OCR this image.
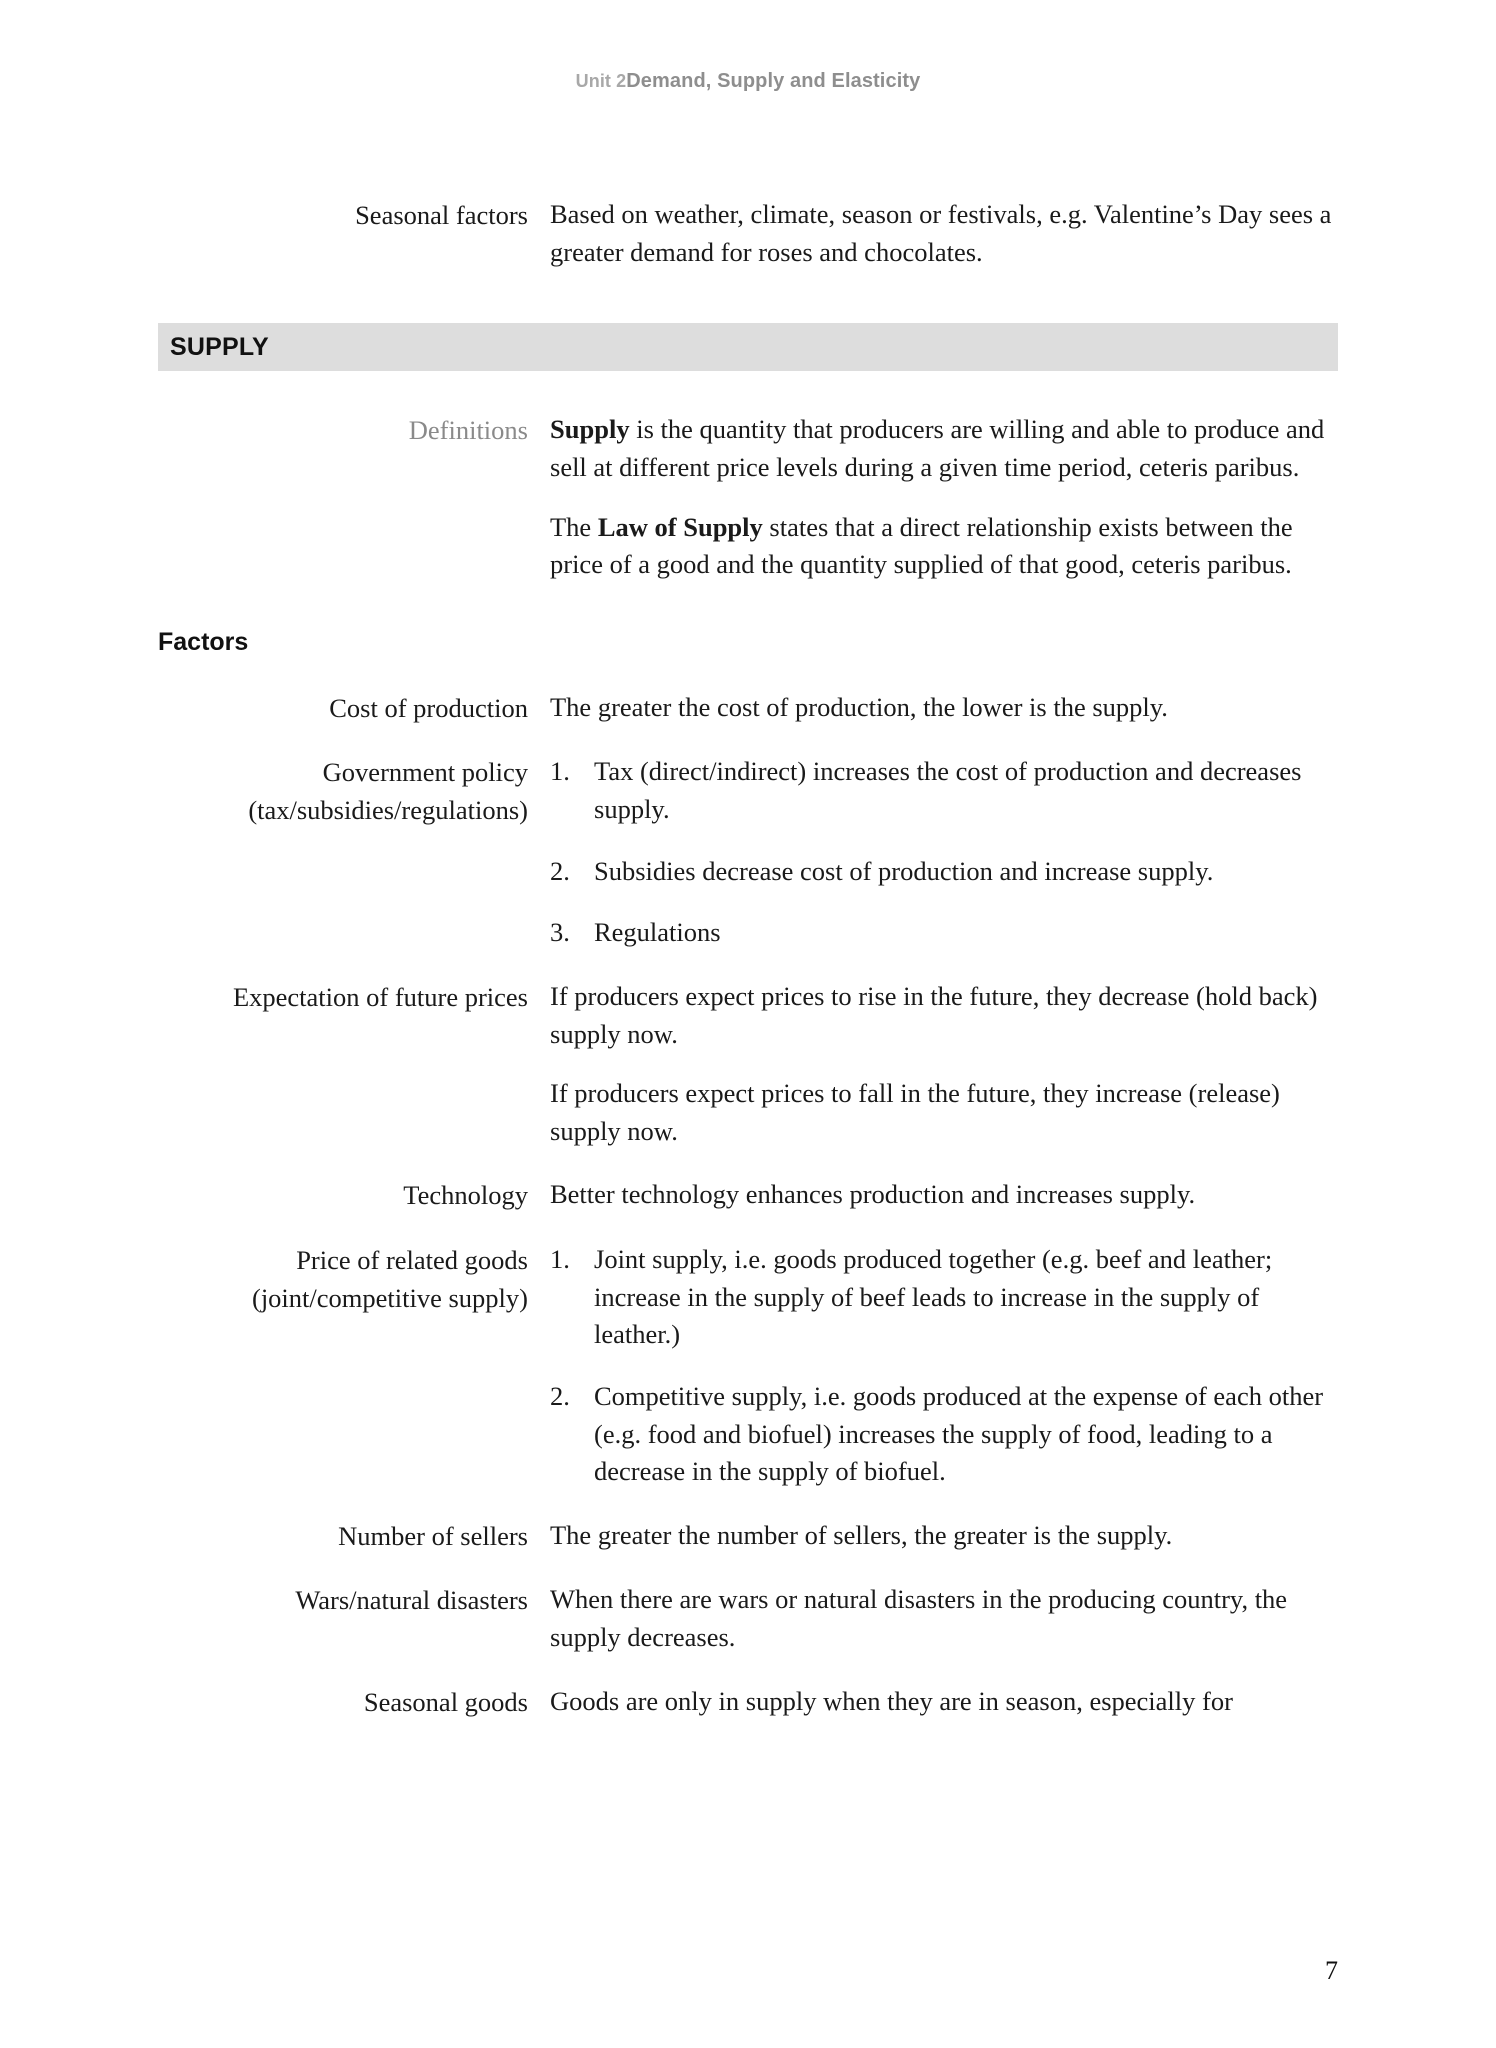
Unit 2Demand, Supply and Elasticity
Seasonal factors Based on weather, climate, season or festivals, e.g. Valentine’s Day sees a greater demand for roses and chocolates.

SUPPLY
Definitions Supply is the quantity that producers are willing and able to produce and sell at different price levels during a given time period, ceteris paribus.

The Law of Supply states that a direct relationship exists between the price of a good and the quantity supplied of that good, ceteris paribus.

Factors
Cost of production The greater the cost of production, the lower is the supply.

Government policy
(tax/subsidies/regulations)
1. Tax (direct/indirect) increases the cost of production and decreases supply.
2. Subsidies decrease cost of production and increase supply.
3. Regulations
Expectation of future prices If producers expect prices to rise in the future, they decrease (hold back) supply now.

If producers expect prices to fall in the future, they increase (release) supply now.

Technology Better technology enhances production and increases supply.

Price of related goods
(joint/competitive supply)
1. Joint supply, i.e. goods produced together (e.g. beef and leather; increase in the supply of beef leads to increase in the supply of leather.)
2. Competitive supply, i.e. goods produced at the expense of each other (e.g. food and biofuel) increases the supply of food, leading to a decrease in the supply of biofuel.
Number of sellers The greater the number of sellers, the greater is the supply.

Wars/natural disasters When there are wars or natural disasters in the producing country, the supply decreases.

Seasonal goods Goods are only in supply when they are in season, especially for

7
